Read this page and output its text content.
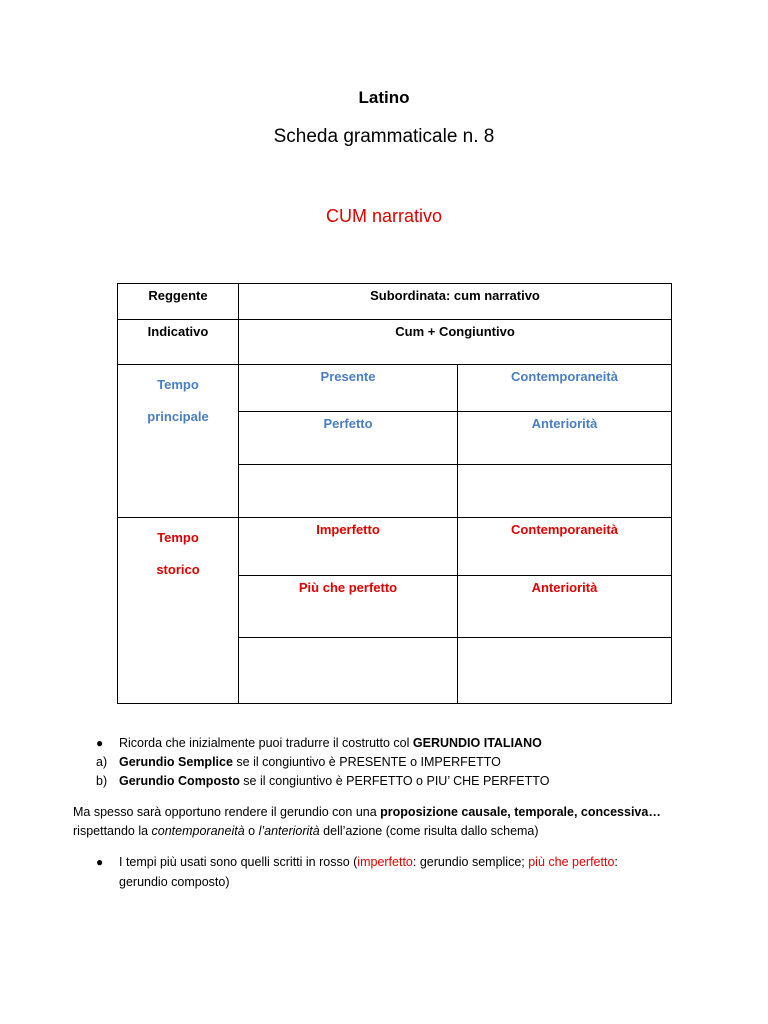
Latino
Scheda grammaticale n. 8
CUM narrativo
Reggente	Subordinata: cum narrativo	
Indicativo	Cum + Congiuntivo	
Tempo
principale	Presente	Contemporaneità
	Perfetto	Anteriorità

Tempo
storico	Imperfetto	Contemporaneità
	Più che perfetto	Anteriorità

● Ricorda che inizialmente puoi tradurre il costrutto col GERUNDIO ITALIANO
a) Gerundio Semplice se il congiuntivo è PRESENTE o IMPERFETTO
b) Gerundio Composto se il congiuntivo è PERFETTO o PIU’ CHE PERFETTO
Ma spesso sarà opportuno rendere il gerundio con una proposizione causale, temporale, concessiva…
rispettando la contemporaneità o l’anteriorità dell’azione (come risulta dallo schema)
● I tempi più usati sono quelli scritti in rosso (imperfetto: gerundio semplice; più che perfetto:
gerundio composto)
